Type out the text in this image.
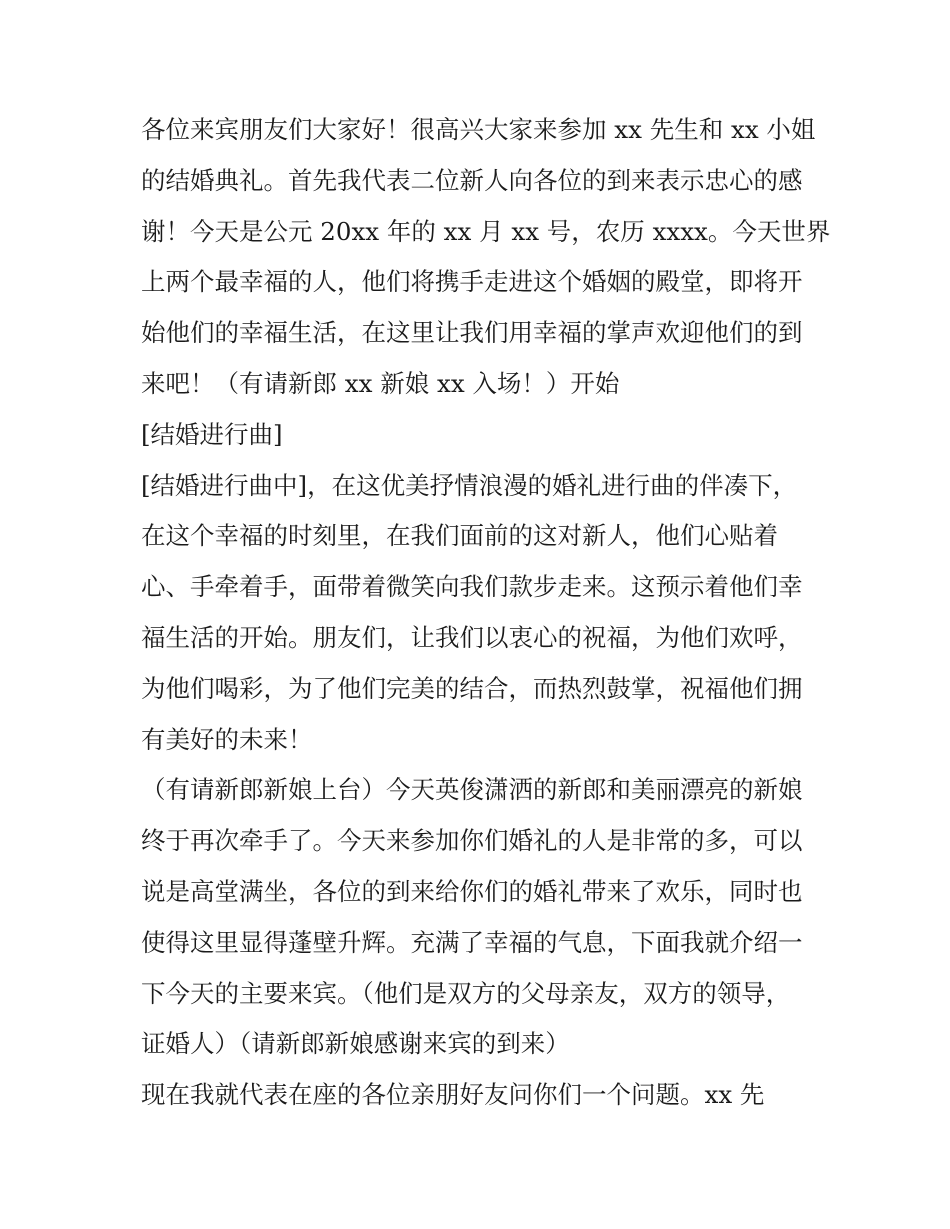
各位来宾朋友们大家好！很高兴大家来参加 xx 先生和 xx 小姐
的结婚典礼。首先我代表二位新人向各位的到来表示忠心的感
谢！今天是公元 20xx 年的 xx 月 xx 号，农历 xxxx。今天世界
上两个最幸福的人，他们将携手走进这个婚姻的殿堂，即将开
始他们的幸福生活，在这里让我们用幸福的掌声欢迎他们的到
来吧！（有请新郎 xx 新娘 xx 入场！）开始
[结婚进行曲]
[结婚进行曲中]，在这优美抒情浪漫的婚礼进行曲的伴凑下，
在这个幸福的时刻里，在我们面前的这对新人，他们心贴着
心、手牵着手，面带着微笑向我们款步走来。这预示着他们幸
福生活的开始。朋友们，让我们以衷心的祝福，为他们欢呼，
为他们喝彩，为了他们完美的结合，而热烈鼓掌，祝福他们拥
有美好的未来！
（有请新郎新娘上台）今天英俊潇洒的新郎和美丽漂亮的新娘
终于再次牵手了。今天来参加你们婚礼的人是非常的多，可以
说是高堂满坐，各位的到来给你们的婚礼带来了欢乐，同时也
使得这里显得蓬壁升辉。充满了幸福的气息，下面我就介绍一
下今天的主要来宾。（他们是双方的父母亲友，双方的领导，
证婚人）（请新郎新娘感谢来宾的到来）
现在我就代表在座的各位亲朋好友问你们一个问题。xx 先
